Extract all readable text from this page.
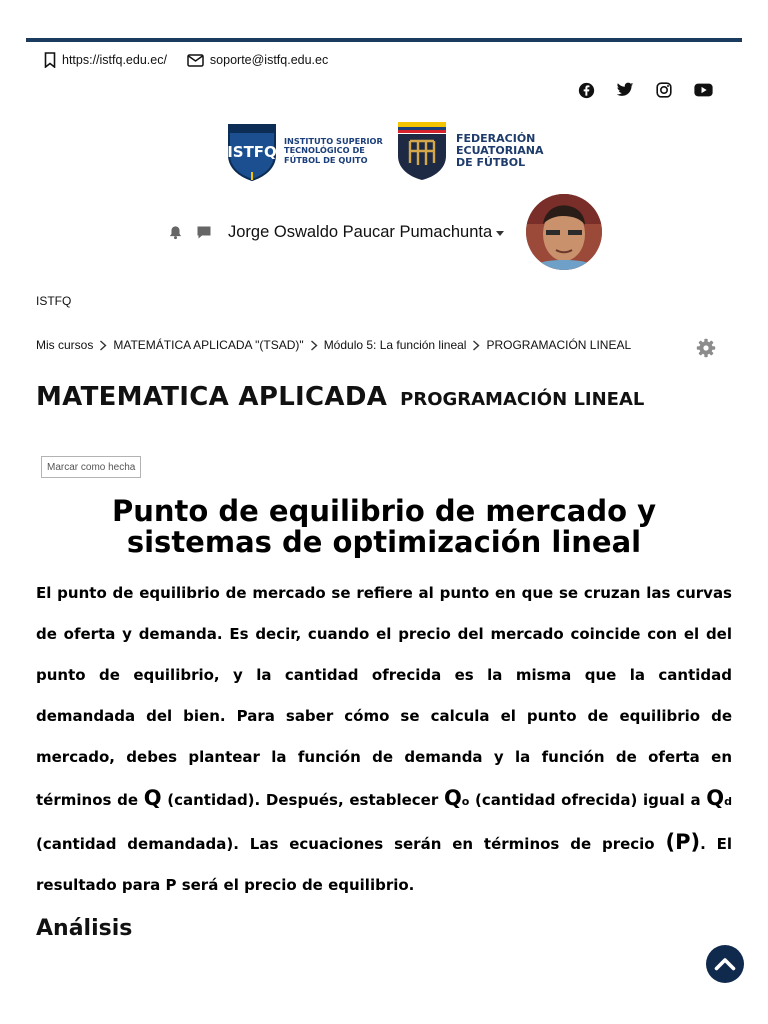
https://istfq.edu.ec/	soporte@istfq.edu.ec
ISTFQ
INSTITUTO SUPERIOR
TECNOLÓGICO DE
FÚTBOL DE QUITO
FEDERACIÓN
ECUATORIANA
DE FÚTBOL
Jorge Oswaldo Paucar Pumachunta
ISTFQ
Mis cursos MATEMÁTICA APLICADA "(TSAD)" Módulo 5: La función lineal PROGRAMACIÓN LINEAL
MATEMATICA APLICADA PROGRAMACIÓN LINEAL
Marcar como hecha
Punto de equilibrio de mercado y sistemas de optimización lineal
El punto de equilibrio de mercado se refiere al punto en que se cruzan las curvas de oferta y demanda. Es decir, cuando el precio del mercado coincide con el del punto de equilibrio, y la cantidad ofrecida es la misma que la cantidad demandada del bien. Para saber cómo se calcula el punto de equilibrio de mercado, debes plantear la función de demanda y la función de oferta en términos de Q (cantidad). Después, establecer Qo (cantidad ofrecida) igual a Qd (cantidad demandada). Las ecuaciones serán en términos de precio (P). El resultado para P será el precio de equilibrio.
Análisis
